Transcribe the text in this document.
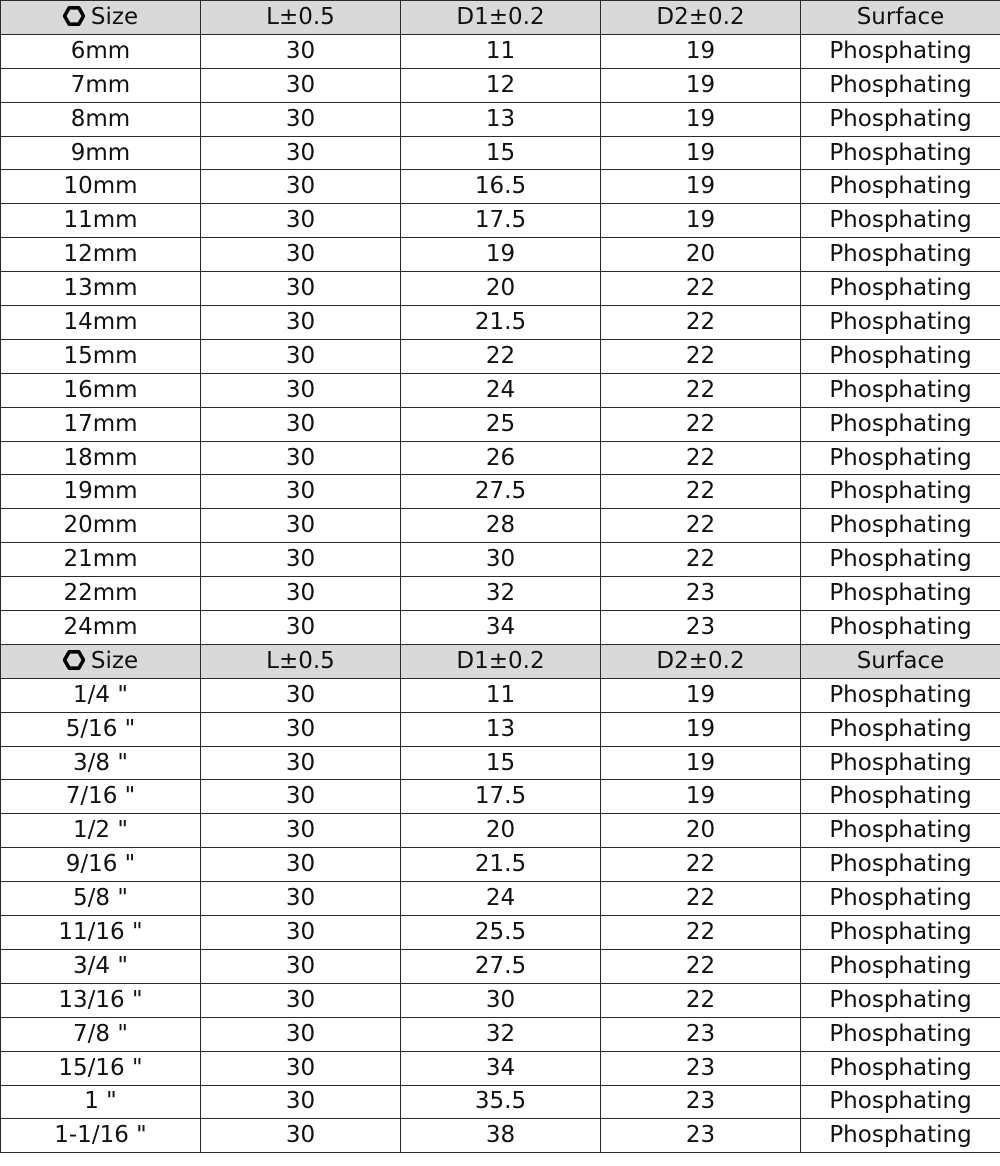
Size	L±0.5	D1±0.2	D2±0.2	Surface
6mm	30	11	19	Phosphating
7mm	30	12	19	Phosphating
8mm	30	13	19	Phosphating
9mm	30	15	19	Phosphating
10mm	30	16.5	19	Phosphating
11mm	30	17.5	19	Phosphating
12mm	30	19	20	Phosphating
13mm	30	20	22	Phosphating
14mm	30	21.5	22	Phosphating
15mm	30	22	22	Phosphating
16mm	30	24	22	Phosphating
17mm	30	25	22	Phosphating
18mm	30	26	22	Phosphating
19mm	30	27.5	22	Phosphating
20mm	30	28	22	Phosphating
21mm	30	30	22	Phosphating
22mm	30	32	23	Phosphating
24mm	30	34	23	Phosphating

Size	L±0.5	D1±0.2	D2±0.2	Surface
1/4 "	30	11	19	Phosphating
5/16 "	30	13	19	Phosphating
3/8 "	30	15	19	Phosphating
7/16 "	30	17.5	19	Phosphating
1/2 "	30	20	20	Phosphating
9/16 "	30	21.5	22	Phosphating
5/8 "	30	24	22	Phosphating
11/16 "	30	25.5	22	Phosphating
3/4 "	30	27.5	22	Phosphating
13/16 "	30	30	22	Phosphating
7/8 "	30	32	23	Phosphating
15/16 "	30	34	23	Phosphating
1 "	30	35.5	23	Phosphating
1-1/16 "	30	38	23	Phosphating
